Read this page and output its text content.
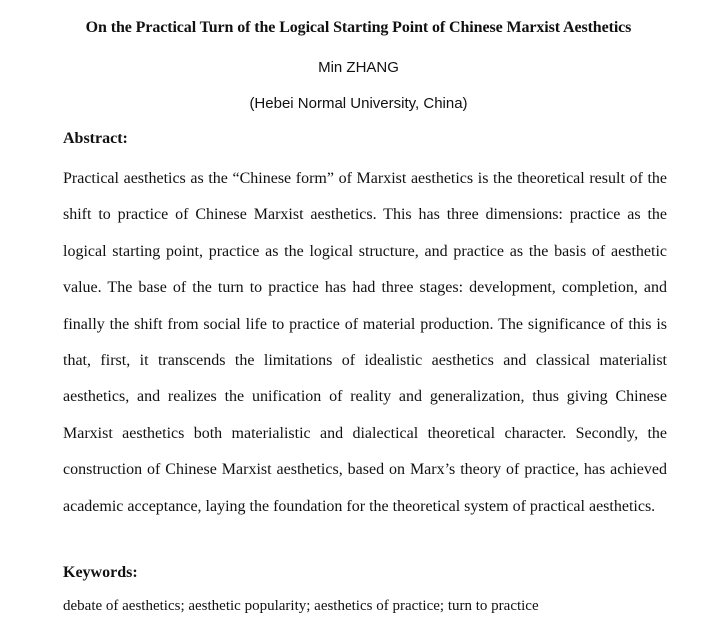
On the Practical Turn of the Logical Starting Point of Chinese Marxist Aesthetics
Min ZHANG
(Hebei Normal University, China)
Abstract:

Practical aesthetics as the “Chinese form” of Marxist aesthetics is the theoretical result of the shift to practice of Chinese Marxist aesthetics. This has three dimensions: practice as the logical starting point, practice as the logical structure, and practice as the basis of aesthetic value. The base of the turn to practice has had three stages: development, completion, and finally the shift from social life to practice of material production. The significance of this is that, first, it transcends the limitations of idealistic aesthetics and classical materialist aesthetics, and realizes the unification of reality and generalization, thus giving Chinese Marxist aesthetics both materialistic and dialectical theoretical character. Secondly, the construction of Chinese Marxist aesthetics, based on Marx’s theory of practice, has achieved academic acceptance, laying the foundation for the theoretical system of practical aesthetics.

Keywords:
debate of aesthetics; aesthetic popularity; aesthetics of practice; turn to practice
